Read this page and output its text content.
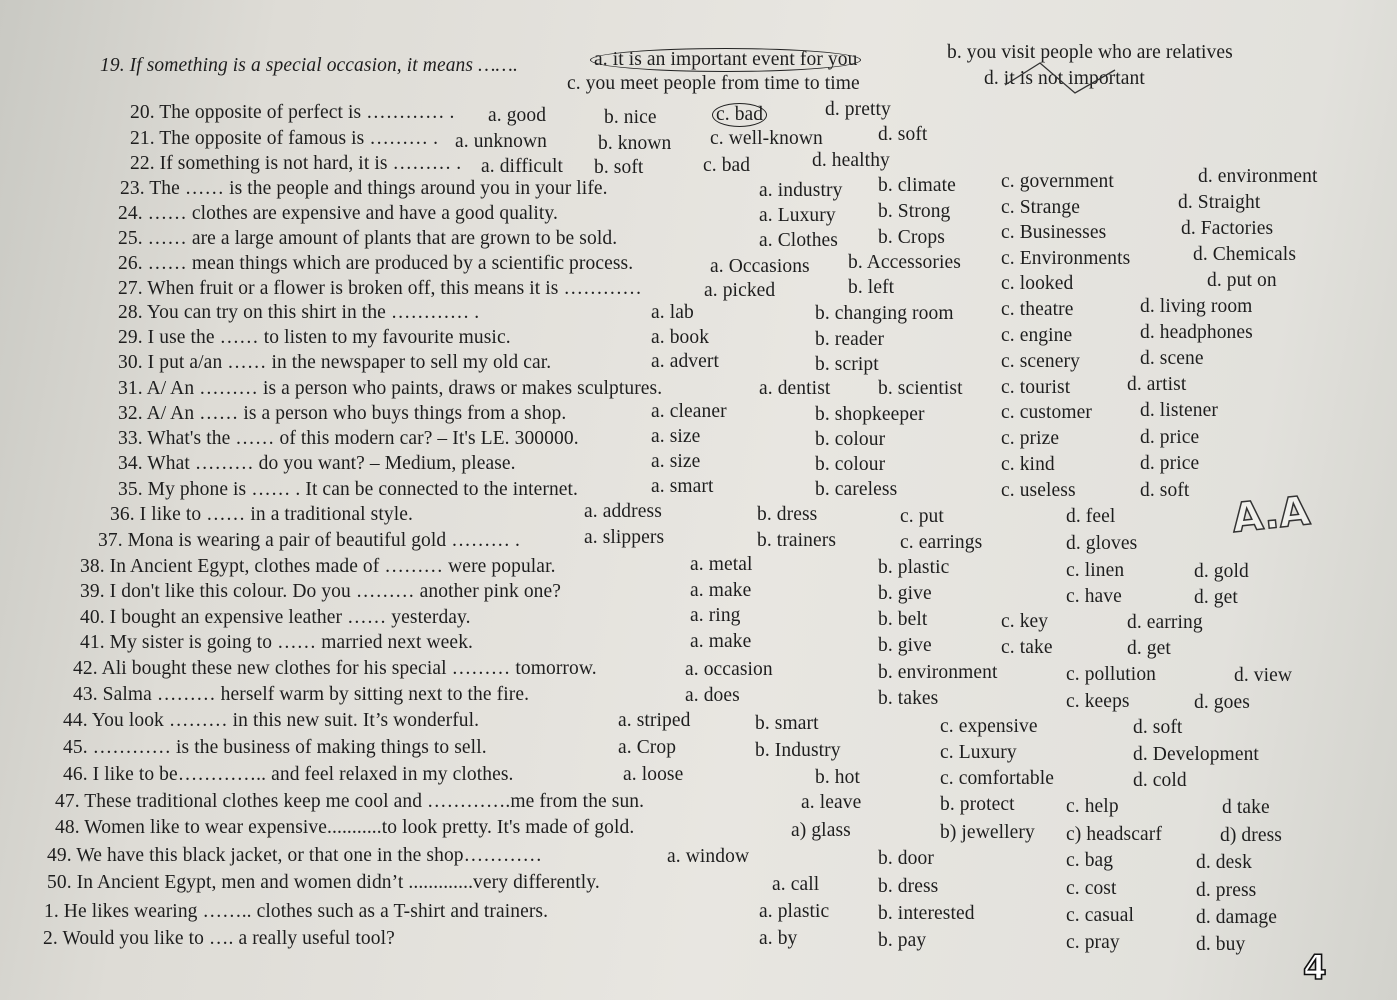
19. If something is a special occasion, it means …….	a. it is an important event for you	b. you visit people who are relatives
c. you meet people from time to time	d. it is not important
20. The opposite of perfect is ………… . a. good	b. nice	c. bad	d. pretty
21. The opposite of famous is ……… . a. unknown	b. known c. well-known	d. soft
22. If something is not hard, it is ……… . a. difficult b. soft	c. bad	d. healthy
23. The …… is the people and things around you in your life.	a. industry b. climate c. government	d. environment
24. …… clothes are expensive and have a good quality.	a. Luxury b. Strong	c. Strange	d. Straight
25. …… are a large amount of plants that are grown to be sold.	a. Clothes b. Crops	c. Businesses	d. Factories
26. …… mean things which are produced by a scientific process.	a. Occasions b. Accessories c. Environments	d. Chemicals
27. When fruit or a flower is broken off, this means it is …………	a. picked	b. left	c. looked	d. put on
28. You can try on this shirt in the ………… .	a. lab	b. changing room c. theatre	d. living room
29. I use the …… to listen to my favourite music.	a. book	b. reader	c. engine	d. headphones
30. I put a/an …… in the newspaper to sell my old car.	a. advert	b. script	c. scenery	d. scene
31. A/ An ……… is a person who paints, draws or makes sculptures.	a. dentist b. scientist c. tourist	d. artist
32. A/ An …… is a person who buys things from a shop.	a. cleaner	b. shopkeeper	c. customer d. listener
33. What's the …… of this modern car? – It's LE. 300000.	a. size	b. colour	c. prize	d. price
34. What ……… do you want? – Medium, please.	a. size	b. colour	c. kind	d. price
35. My phone is …… . It can be connected to the internet.	a. smart	b. careless	c. useless	d. soft
36. I like to …… in a traditional style.	a. address	b. dress	c. put	d. feel
37. Mona is wearing a pair of beautiful gold ……… .	a. slippers	b. trainers	c. earrings	d. gloves
38. In Ancient Egypt, clothes made of ……… were popular.	a. metal	b. plastic	c. linen	d. gold
39. I don't like this colour. Do you ……… another pink one?	a. make	b. give	c. have	d. get
40. I bought an expensive leather …… yesterday.	a. ring	b. belt	c. key	d. earring
41. My sister is going to …… married next week.	a. make	b. give	c. take	d. get
42. Ali bought these new clothes for his special ……… tomorrow.	a. occasion	b. environment	c. pollution	d. view
43. Salma ……… herself warm by sitting next to the fire.	a. does	b. takes	c. keeps	d. goes
44. You look ……… in this new suit. It’s wonderful.	a. striped	b. smart	c. expensive	d. soft
45. ………… is the business of making things to sell.	a. Crop	b. Industry	c. Luxury	d. Development
46. I like to be………….. and feel relaxed in my clothes.	a. loose	b. hot	c. comfortable	d. cold
47. These traditional clothes keep me cool and ………….me from the sun.	a. leave	b. protect	c. help	d take
48. Women like to wear expensive...........to look pretty. It's made of gold.	a) glass	b) jewellery c) headscarf	d) dress
49. We have this black jacket, or that one in the shop…………	a. window	b. door	c. bag	d. desk
50. In Ancient Egypt, men and women didn’t .............very differently.	a. call	b. dress	c. cost	d. press
1. He likes wearing …….. clothes such as a T-shirt and trainers.	a. plastic b. interested	c. casual	d. damage
2. Would you like to …. a really useful tool?	a. by	b. pay	c. pray	d. buy
A.A
4
